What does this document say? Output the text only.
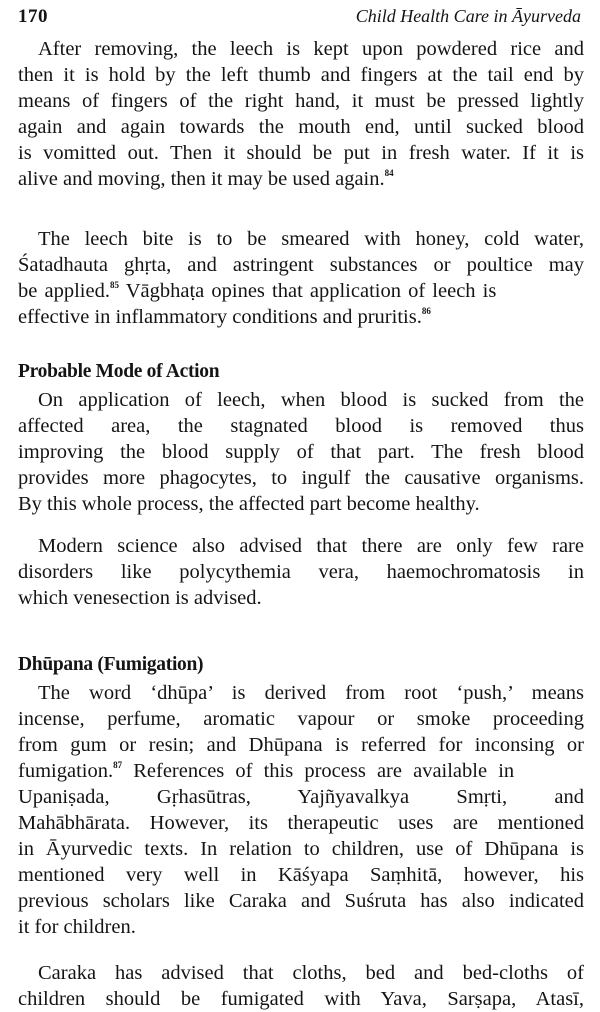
170	Child Health Care in Āyurveda
After removing, the leech is kept upon powdered rice and
then it is hold by the left thumb and fingers at the tail end by
means of fingers of the right hand, it must be pressed lightly
again and again towards the mouth end, until sucked blood
is vomitted out. Then it should be put in fresh water. If it is
alive and moving, then it may be used again.$^{84}$
The leech bite is to be smeared with honey, cold water,
Śatadhauta ghṛta, and astringent substances or poultice may
be applied.$^{85}$ Vāgbhaṭa opines that application of leech is
effective in inflammatory conditions and pruritis.$^{86}$
Probable Mode of Action
On application of leech, when blood is sucked from the
affected area, the stagnated blood is removed thus
improving the blood supply of that part. The fresh blood
provides more phagocytes, to ingulf the causative organisms.
By this whole process, the affected part become healthy.
Modern science also advised that there are only few rare
disorders like polycythemia vera, haemochromatosis in
which venesection is advised.
Dhūpana (Fumigation)
The word ‘dhūpa’ is derived from root ‘push,’ means
incense, perfume, aromatic vapour or smoke proceeding
from gum or resin; and Dhūpana is referred for inconsing or
fumigation.$^{87}$ References of this process are available in
Upaniṣada, Gṛhasūtras, Yajñyavalkya Smṛti, and
Mahābhārata. However, its therapeutic uses are mentioned
in Āyurvedic texts. In relation to children, use of Dhūpana is
mentioned very well in Kāśyapa Saṃhitā, however, his
previous scholars like Caraka and Suśruta has also indicated
it for children.
Caraka has advised that cloths, bed and bed-cloths of
children should be fumigated with Yava, Sarṣapa, Atasī,
